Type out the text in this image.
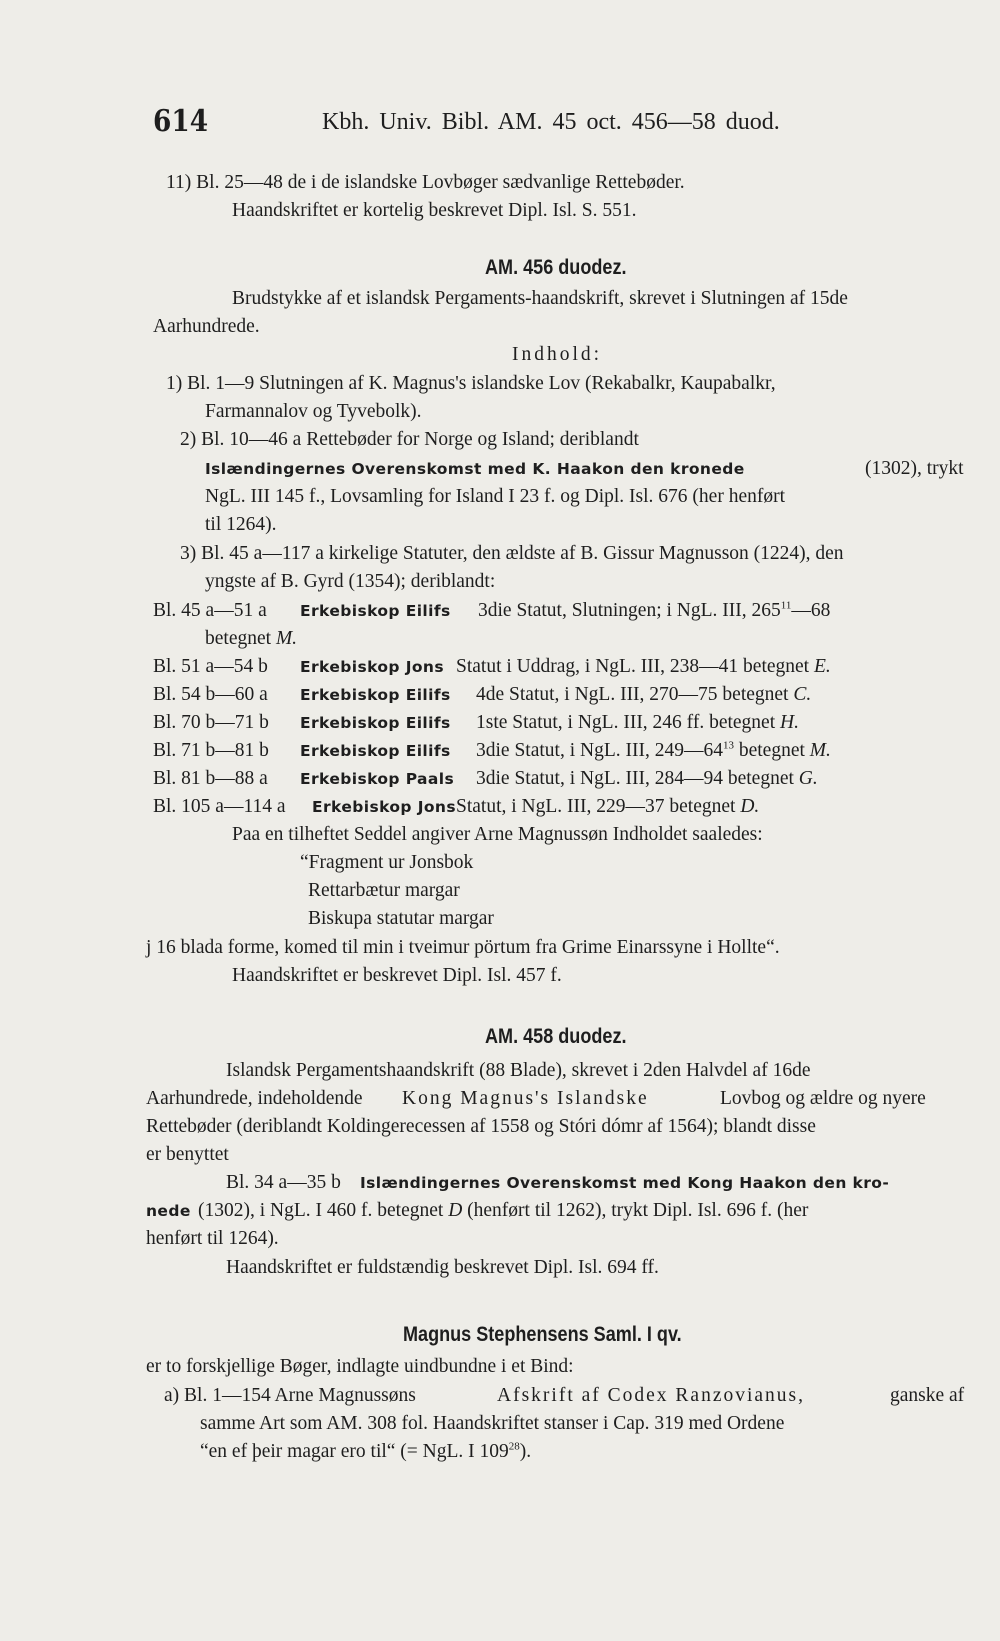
614	Kbh. Univ. Bibl. AM. 45 oct. 456—58 duod.
11) Bl. 25—48 de i de islandske Lovbøger sædvanlige Rettebøder.
Haandskriftet er kortelig beskrevet Dipl. Isl. S. 551.
AM. 456 duodez.
Brudstykke af et islandsk Pergaments-haandskrift, skrevet i Slutningen af 15de
Aarhundrede.
Indhold:
1) Bl. 1—9 Slutningen af K. Magnus's islandske Lov (Rekabalkr, Kaupabalkr,
Farmannalov og Tyvebolk).
2) Bl. 10—46 a Rettebøder for Norge og Island; deriblandt
Islændingernes Overenskomst med K. Haakon den kronede	(1302), trykt
NgL. III 145 f., Lovsamling for Island I 23 f. og Dipl. Isl. 676 (her henført
til 1264).
3) Bl. 45 a—117 a kirkelige Statuter, den ældste af B. Gissur Magnusson (1224), den
yngste af B. Gyrd (1354); deriblandt:
Bl. 45 a—51 a Erkebiskop Eilifs 3die Statut, Slutningen; i NgL. III, $265^{11}—68$
betegnet M.
Bl. 51 a—54 b Erkebiskop Jons Statut i Uddrag, i NgL. III, 238—41 betegnet E.
Bl. 54 b—60 a Erkebiskop Eilifs 4de Statut, i NgL. III, 270—75 betegnet C.
Bl. 70 b—71 b Erkebiskop Eilifs 1ste Statut, i NgL. III, 246 ff. betegnet H.
Bl. 71 b—81 b Erkebiskop Eilifs 3die Statut, i NgL. III, $249—64^{13}$ betegnet M.
Bl. 81 b—88 a Erkebiskop Paals 3die Statut, i NgL. III, 284—94 betegnet G.
Bl. 105 a—114 a Erkebiskop Jons Statut, i NgL. III, 229—37 betegnet D.
Paa en tilheftet Seddel angiver Arne Magnussøn Indholdet saaledes:
“Fragment ur Jonsbok
Rettarbætur margar
Biskupa statutar margar
j 16 blada forme, komed til min i tveimur pörtum fra Grime Einarssyne i Hollte“.
Haandskriftet er beskrevet Dipl. Isl. 457 f.
AM. 458 duodez.
Islandsk Pergamentshaandskrift (88 Blade), skrevet i 2den Halvdel af 16de
Aarhundrede, indeholdende Kong Magnus's Islandske	Lovbog og ældre og nyere
Rettebøder (deriblandt Koldingerecessen af 1558 og Stóri dómr af 1564); blandt disse
er benyttet
Bl. 34 a—35 b Islændingernes Overenskomst med Kong Haakon den kro-
nede (1302), i NgL. I 460 f. betegnet D (henført til 1262), trykt Dipl. Isl. 696 f. (her
henført til 1264).
Haandskriftet er fuldstændig beskrevet Dipl. Isl. 694 ff.
Magnus Stephensens Saml. I qv.
er to forskjellige Bøger, indlagte uindbundne i et Bind:
a) Bl. 1—154 Arne Magnussøns	Afskrift af Codex Ranzovianus,	ganske af
samme Art som AM. 308 fol. Haandskriftet stanser i Cap. 319 med Ordene
“en ef þeir magar ero til“ (= NgL. I $109^{28}$).
